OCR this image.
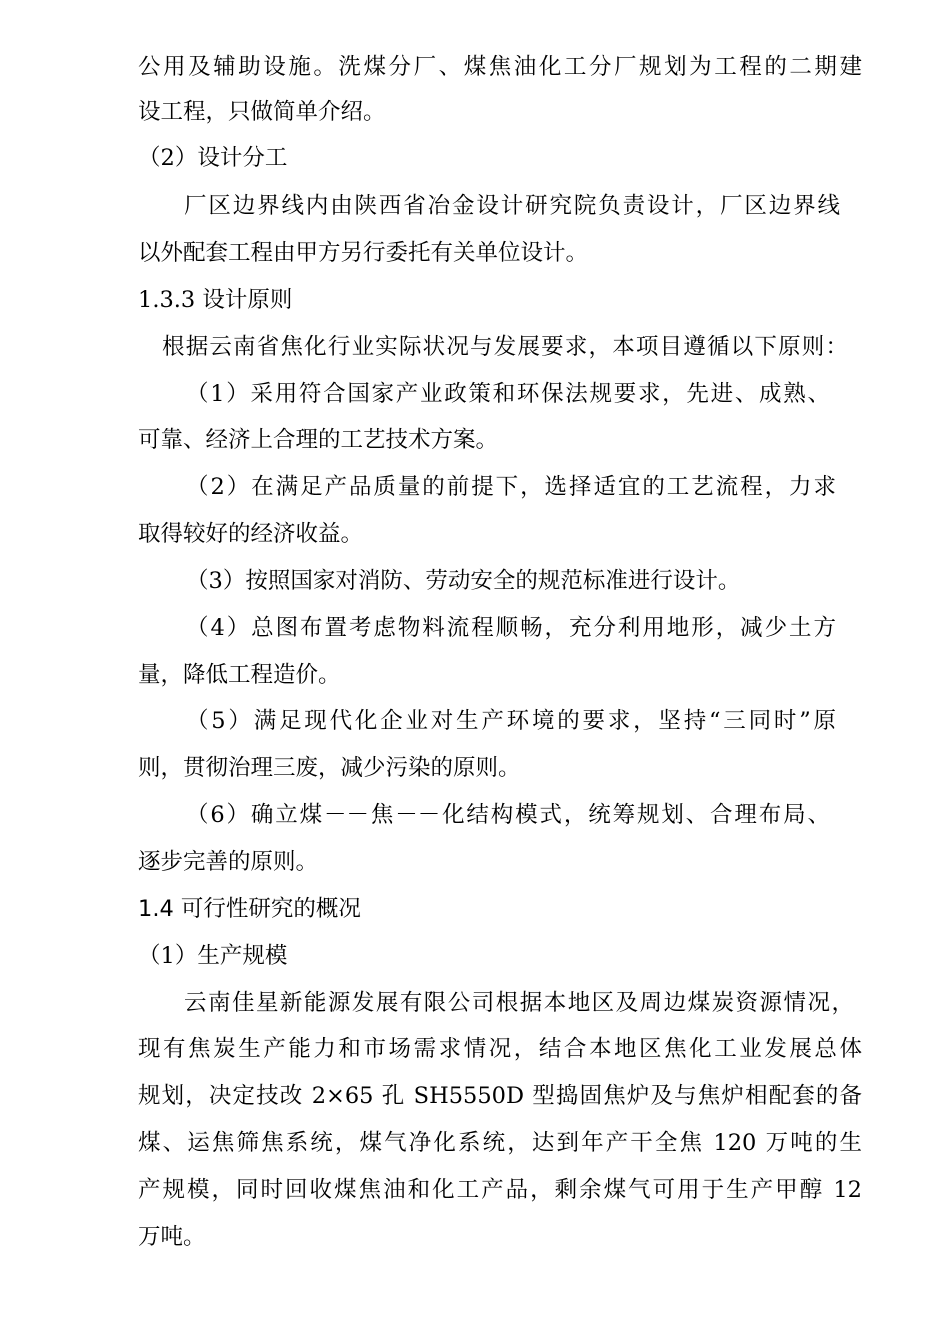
公用及辅助设施。洗煤分厂、煤焦油化工分厂规划为工程的二期建
设工程，只做简单介绍。
（2）设计分工
厂区边界线内由陕西省冶金设计研究院负责设计，厂区边界线
以外配套工程由甲方另行委托有关单位设计。
1.3.3 设计原则
根据云南省焦化行业实际状况与发展要求，本项目遵循以下原则：
（1）采用符合国家产业政策和环保法规要求，先进、成熟、
可靠、经济上合理的工艺技术方案。
（2）在满足产品质量的前提下，选择适宜的工艺流程，力求
取得较好的经济收益。
（3）按照国家对消防、劳动安全的规范标准进行设计。
（4）总图布置考虑物料流程顺畅，充分利用地形，减少土方
量，降低工程造价。
（5）满足现代化企业对生产环境的要求，坚持“三同时”原
则，贯彻治理三废，减少污染的原则。
（6）确立煤－－焦－－化结构模式，统筹规划、合理布局、
逐步完善的原则。
1.4 可行性研究的概况
（1）生产规模
云南佳星新能源发展有限公司根据本地区及周边煤炭资源情况，
现有焦炭生产能力和市场需求情况，结合本地区焦化工业发展总体
规划，决定技改 2×65 孔 SH5550D 型捣固焦炉及与焦炉相配套的备
煤、运焦筛焦系统，煤气净化系统，达到年产干全焦 120 万吨的生
产规模，同时回收煤焦油和化工产品，剩余煤气可用于生产甲醇 12
万吨。
